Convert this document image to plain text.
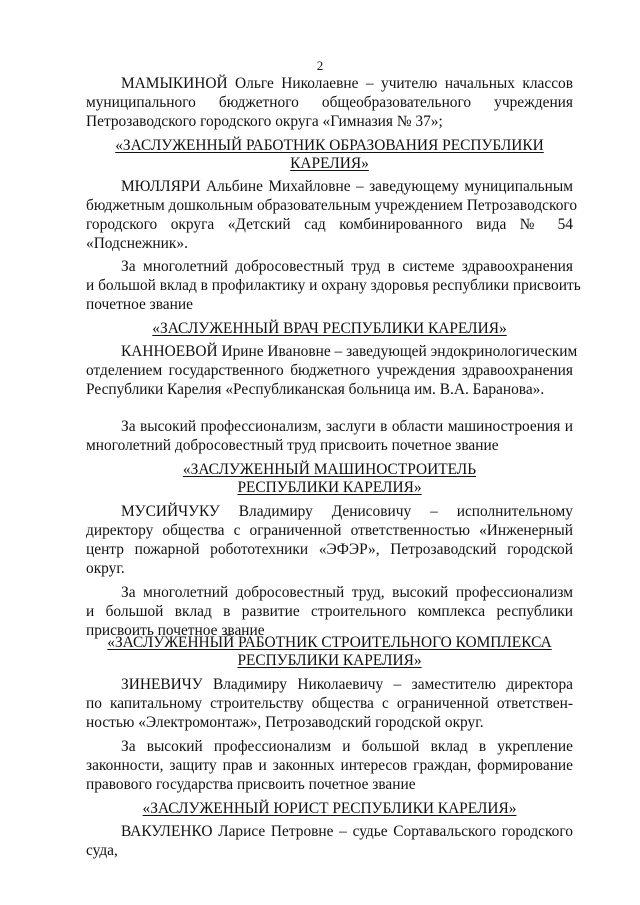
2
МАМЫКИНОЙ Ольге Николаевне – учителю начальных классов
муниципального бюджетного общеобразовательного учреждения
Петрозаводского городского округа «Гимназия № 37»;
«ЗАСЛУЖЕННЫЙ РАБОТНИК ОБРАЗОВАНИЯ РЕСПУБЛИКИ
КАРЕЛИЯ»
МЮЛЛЯРИ Альбине Михайловне – заведующему муниципальным
бюджетным дошкольным образовательным учреждением Петрозаводского
городского округа «Детский сад комбинированного вида № 54
«Подснежник».
За многолетний добросовестный труд в системе здравоохранения
и большой вклад в профилактику и охрану здоровья республики присвоить
почетное звание
«ЗАСЛУЖЕННЫЙ ВРАЧ РЕСПУБЛИКИ КАРЕЛИЯ»
КАННОЕВОЙ Ирине Ивановне – заведующей эндокринологическим
отделением государственного бюджетного учреждения здравоохранения
Республики Карелия «Республиканская больница им. В.А. Баранова».
За высокий профессионализм, заслуги в области машиностроения и
многолетний добросовестный труд присвоить почетное звание
«ЗАСЛУЖЕННЫЙ МАШИНОСТРОИТЕЛЬ
РЕСПУБЛИКИ КАРЕЛИЯ»
МУСИЙЧУКУ Владимиру Денисовичу – исполнительному
директору общества с ограниченной ответственностью «Инженерный
центр пожарной робототехники «ЭФЭР», Петрозаводский городской
округ.
За многолетний добросовестный труд, высокий профессионализм
и большой вклад в развитие строительного комплекса республики
присвоить почетное звание
«ЗАСЛУЖЕННЫЙ РАБОТНИК СТРОИТЕЛЬНОГО КОМПЛЕКСА
РЕСПУБЛИКИ КАРЕЛИЯ»
ЗИНЕВИЧУ Владимиру Николаевичу – заместителю директора
по капитальному строительству общества с ограниченной ответствен-
ностью «Электромонтаж», Петрозаводский городской округ.
За высокий профессионализм и большой вклад в укрепление
законности, защиту прав и законных интересов граждан, формирование
правового государства присвоить почетное звание
«ЗАСЛУЖЕННЫЙ ЮРИСТ РЕСПУБЛИКИ КАРЕЛИЯ»
ВАКУЛЕНКО Ларисе Петровне – судье Сортавальского городского
суда,
